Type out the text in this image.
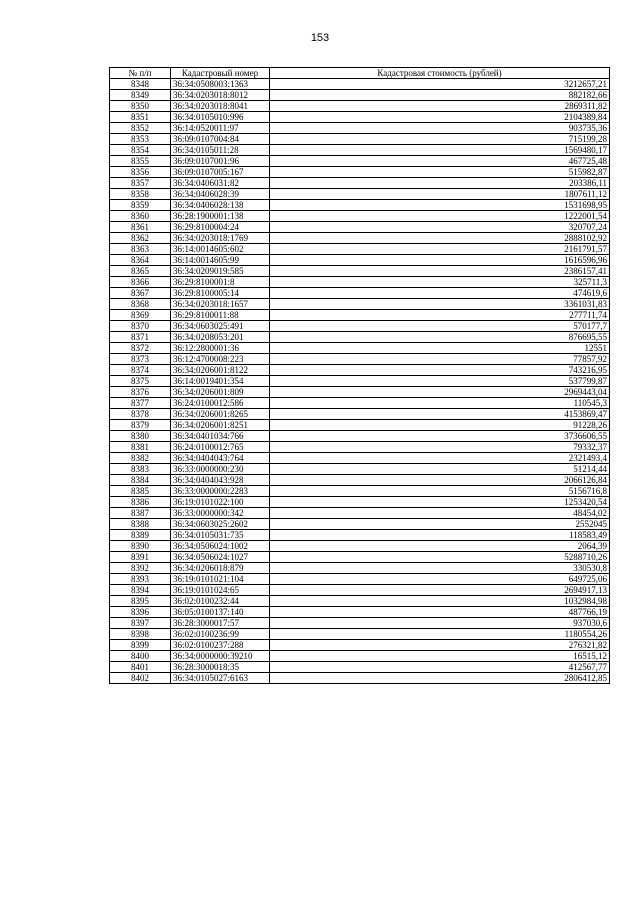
153
№ п/п	Кадастровый номер	Кадастровая стоимость (рублей)
8348	36:34:0508003:1363	3212657,21
8349	36:34:0203018:8012	882182,66
8350	36:34:0203018:8041	2869311,82
8351	36:34:0105010:996	2104389,84
8352	36:14:0520011:97	903735,36
8353	36:09:0107004:84	715199,28
8354	36:34:0105011:28	1569480,17
8355	36:09:0107001:96	467725,48
8356	36:09:0107005:167	515982,87
8357	36:34:0406031:82	203386,11
8358	36:34:0406028:39	1807611,12
8359	36:34:0406028:138	1531698,95
8360	36:28:1900001:138	1222001,54
8361	36:29:8100004:24	320707,24
8362	36:34:0203018:1769	2888102,92
8363	36:14:0014605:602	2161791,57
8364	36:14:0014605:99	1616596,96
8365	36:34:0209019:585	2386157,41
8366	36:29:8100001:8	325711,3
8367	36:29:8100005:14	474619,6
8368	36:34:0203018:1657	3361031,83
8369	36:29:8100011:88	277711,74
8370	36:34:0603025:491	570177,7
8371	36:34:0208053:201	876695,55
8372	36:12:2800001:36	12551
8373	36:12:4700008:223	77857,92
8374	36:34:0206001:8122	743216,95
8375	36:14:0019401:354	537799,87
8376	36:34:0206001:809	2969443,04
8377	36:24:0100012:586	110545,3
8378	36:34:0206001:8265	4153869,47
8379	36:34:0206001:8251	91228,26
8380	36:34:0401034:766	3736606,55
8381	36:24:0100012:765	79332,37
8382	36:34:0404043:764	2321493,4
8383	36:33:0000000:230	51214,44
8384	36:34:0404043:928	2066126,84
8385	36:33:0000000:2283	5156716,8
8386	36:19:0101022:100	1253420,54
8387	36:33:0000000:342	48454,02
8388	36:34:0603025:2602	2552045
8389	36:34:0105031:735	118583,49
8390	36:34:0506024:1002	2064,39
8391	36:34:0506024:1027	5288710,26
8392	36:34:0206018:879	330530,8
8393	36:19:0101021:104	649725,06
8394	36:19:0101024:65	2694917,13
8395	36:02:0100232:44	1032984,98
8396	36:05:0100137:140	487766,19
8397	36:28:3000017:57	937030,6
8398	36:02:0100236:99	1180554,26
8399	36:02:0100237:288	276321,82
8400	36:34:0000000:39210	16515,12
8401	36:28:3000018:35	412567,77
8402	36:34:0105027:6163	2806412,85
